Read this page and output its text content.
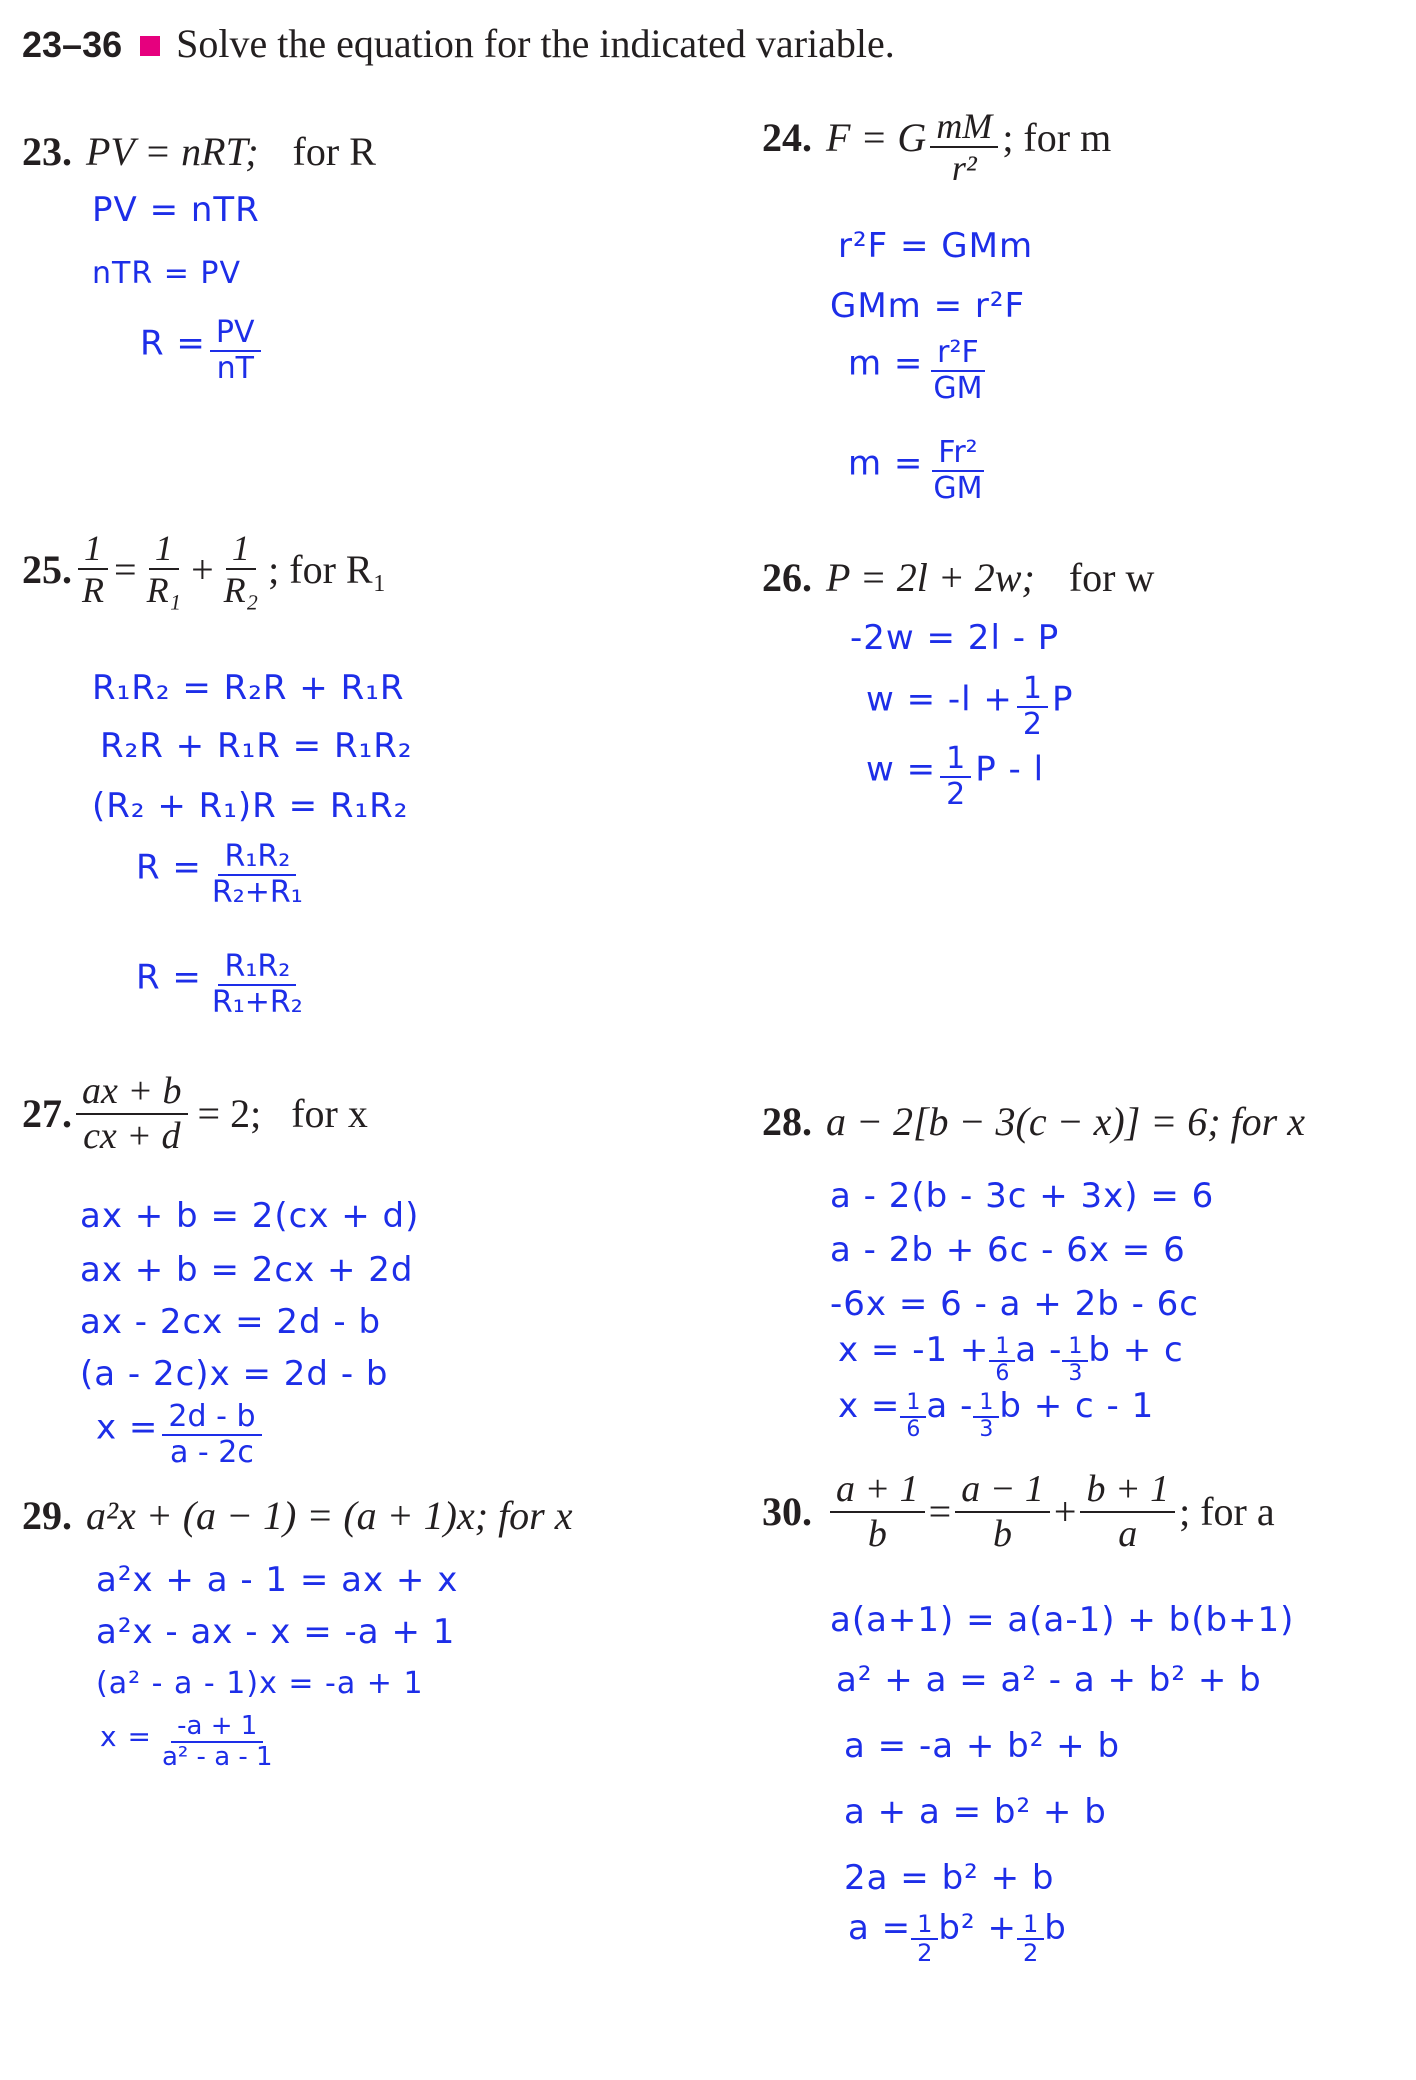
23–36 Solve the equation for the indicated variable.
23. PV = nRT; for R
PV = nTR
nTR = PV
$R = \frac{PV}{nT}$
24. F = G $\frac{mM}{\text{r²}}$ ; for m
r²F = GMm
GMm = r²F
$m = \frac{\text{r²F}}{GM}$
$m = \frac{\text{Fr²}}{GM}$
25. $\frac{1}{R} = \frac{1}{\text{R₁}} + \frac{1}{\text{R₂}}$ ; for R₁
R₁R₂ = R₂R + R₁R
R₂R + R₁R = R₁R₂
(R₂ + R₁)R = R₁R₂
$R = \frac{\text{R₁R₂}}{\text{R₂+R₁}}$
$R = \frac{\text{R₁R₂}}{\text{R₁+R₂}}$
26. P = 2l + 2w; for w
-2w = 2l - P
$w = -l + \frac{1}{2}$ P
$w = \frac{1}{2}$ P - l
27. $\frac{ax + b}{cx + d} = 2$; for x
ax + b = 2(cx + d)
ax + b = 2cx + 2d
ax - 2cx = 2d - b
(a - 2c)x = 2d - b
$x = \frac{2d - b}{a - 2c}$
28. a − 2[b − 3(c − x)] = 6; for x
a - 2(b - 3c + 3x) = 6
a - 2b + 6c - 6x = 6
-6x = 6 - a + 2b - 6c
$x = -1 + \frac{1}{6}$ a - $\frac{1}{3}$ b + c
$x = \frac{1}{6}$ a - $\frac{1}{3}$ b + c - 1
29. a²x + (a − 1) = (a + 1)x; for x
a²x + a - 1 = ax + x
a²x - ax - x = -a + 1
(a² - a - 1)x = -a + 1
$x = \frac{-a + 1}{\text{a² - a - 1}}$
30. $\frac{a + 1}{b} = \frac{a - 1}{b} + \frac{b + 1}{a}$ ; for a
a(a+1) = a(a-1) + b(b+1)
a² + a = a² - a + b² + b
a = -a + b² + b
a + a = b² + b
2a = b² + b
$a = \frac{1}{2} b^2 + \frac{1}{2}$ b
